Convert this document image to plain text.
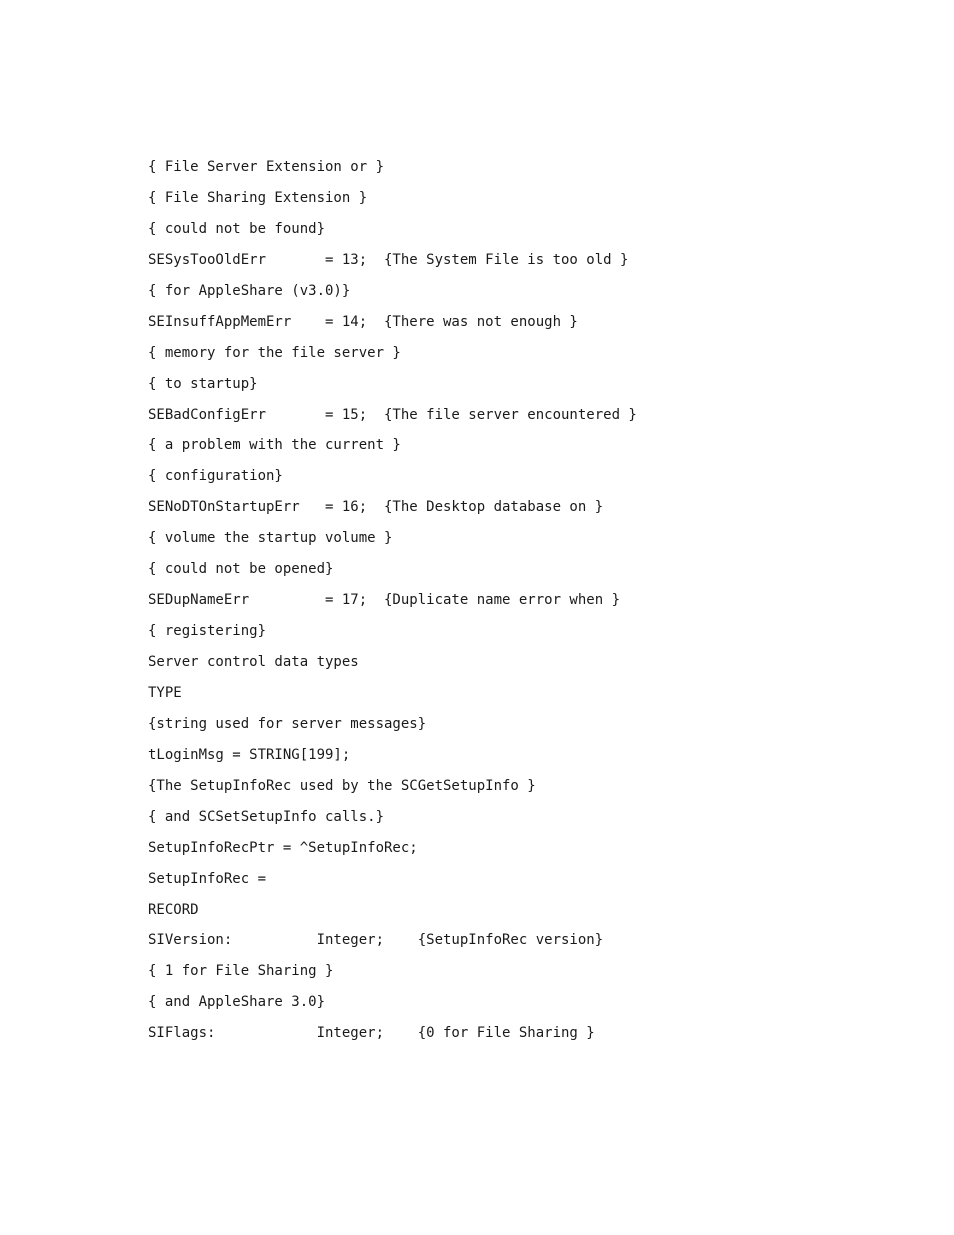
{ File Server Extension or }
{ File Sharing Extension }
{ could not be found}
SESysTooOldErr       = 13;  {The System File is too old }
{ for AppleShare (v3.0)}
SEInsuffAppMemErr    = 14;  {There was not enough }
{ memory for the file server }
{ to startup}
SEBadConfigErr       = 15;  {The file server encountered }
{ a problem with the current }
{ configuration}
SENoDTOnStartupErr   = 16;  {The Desktop database on }
{ volume the startup volume }
{ could not be opened}
SEDupNameErr         = 17;  {Duplicate name error when }
{ registering}
Server control data types
TYPE
{string used for server messages}
tLoginMsg = STRING[199];
{The SetupInfoRec used by the SCGetSetupInfo }
{ and SCSetSetupInfo calls.}
SetupInfoRecPtr = ^SetupInfoRec;
SetupInfoRec =
RECORD
SIVersion:          Integer;    {SetupInfoRec version}
{ 1 for File Sharing }
{ and AppleShare 3.0}
SIFlags:            Integer;    {0 for File Sharing }
